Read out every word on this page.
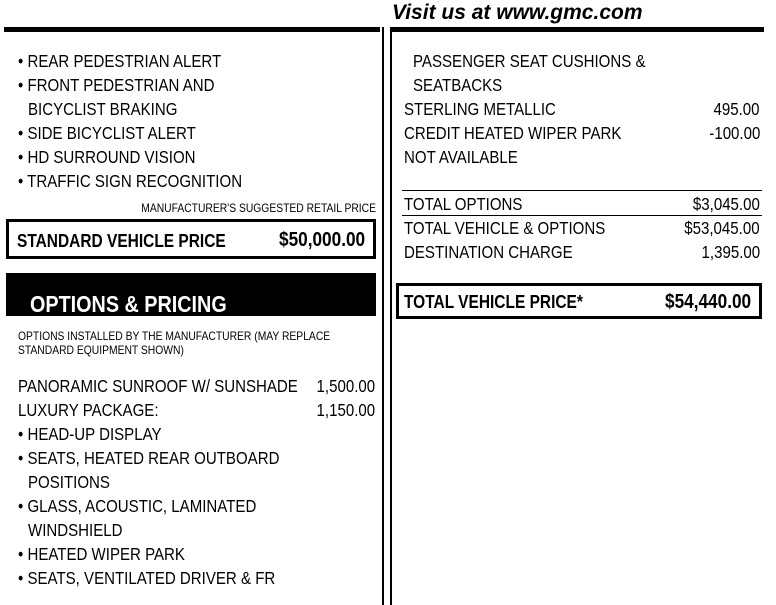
Visit us at www.gmc.com
• REAR PEDESTRIAN ALERT
• FRONT PEDESTRIAN AND
BICYCLIST BRAKING
• SIDE BICYCLIST ALERT
• HD SURROUND VISION
• TRAFFIC SIGN RECOGNITION
MANUFACTURER'S SUGGESTED RETAIL PRICE
STANDARD VEHICLE PRICE	$50,000.00
OPTIONS & PRICING
OPTIONS INSTALLED BY THE MANUFACTURER (MAY REPLACE
STANDARD EQUIPMENT SHOWN)
PANORAMIC SUNROOF W/ SUNSHADE	1,500.00
LUXURY PACKAGE:	1,150.00
• HEAD-UP DISPLAY
• SEATS, HEATED REAR OUTBOARD
POSITIONS
• GLASS, ACOUSTIC, LAMINATED
WINDSHIELD
• HEATED WIPER PARK
• SEATS, VENTILATED DRIVER & FR
PASSENGER SEAT CUSHIONS &
SEATBACKS
STERLING METALLIC	495.00
CREDIT HEATED WIPER PARK	-100.00
NOT AVAILABLE
TOTAL OPTIONS	$3,045.00
TOTAL VEHICLE & OPTIONS	$53,045.00
DESTINATION CHARGE	1,395.00
TOTAL VEHICLE PRICE*	$54,440.00
